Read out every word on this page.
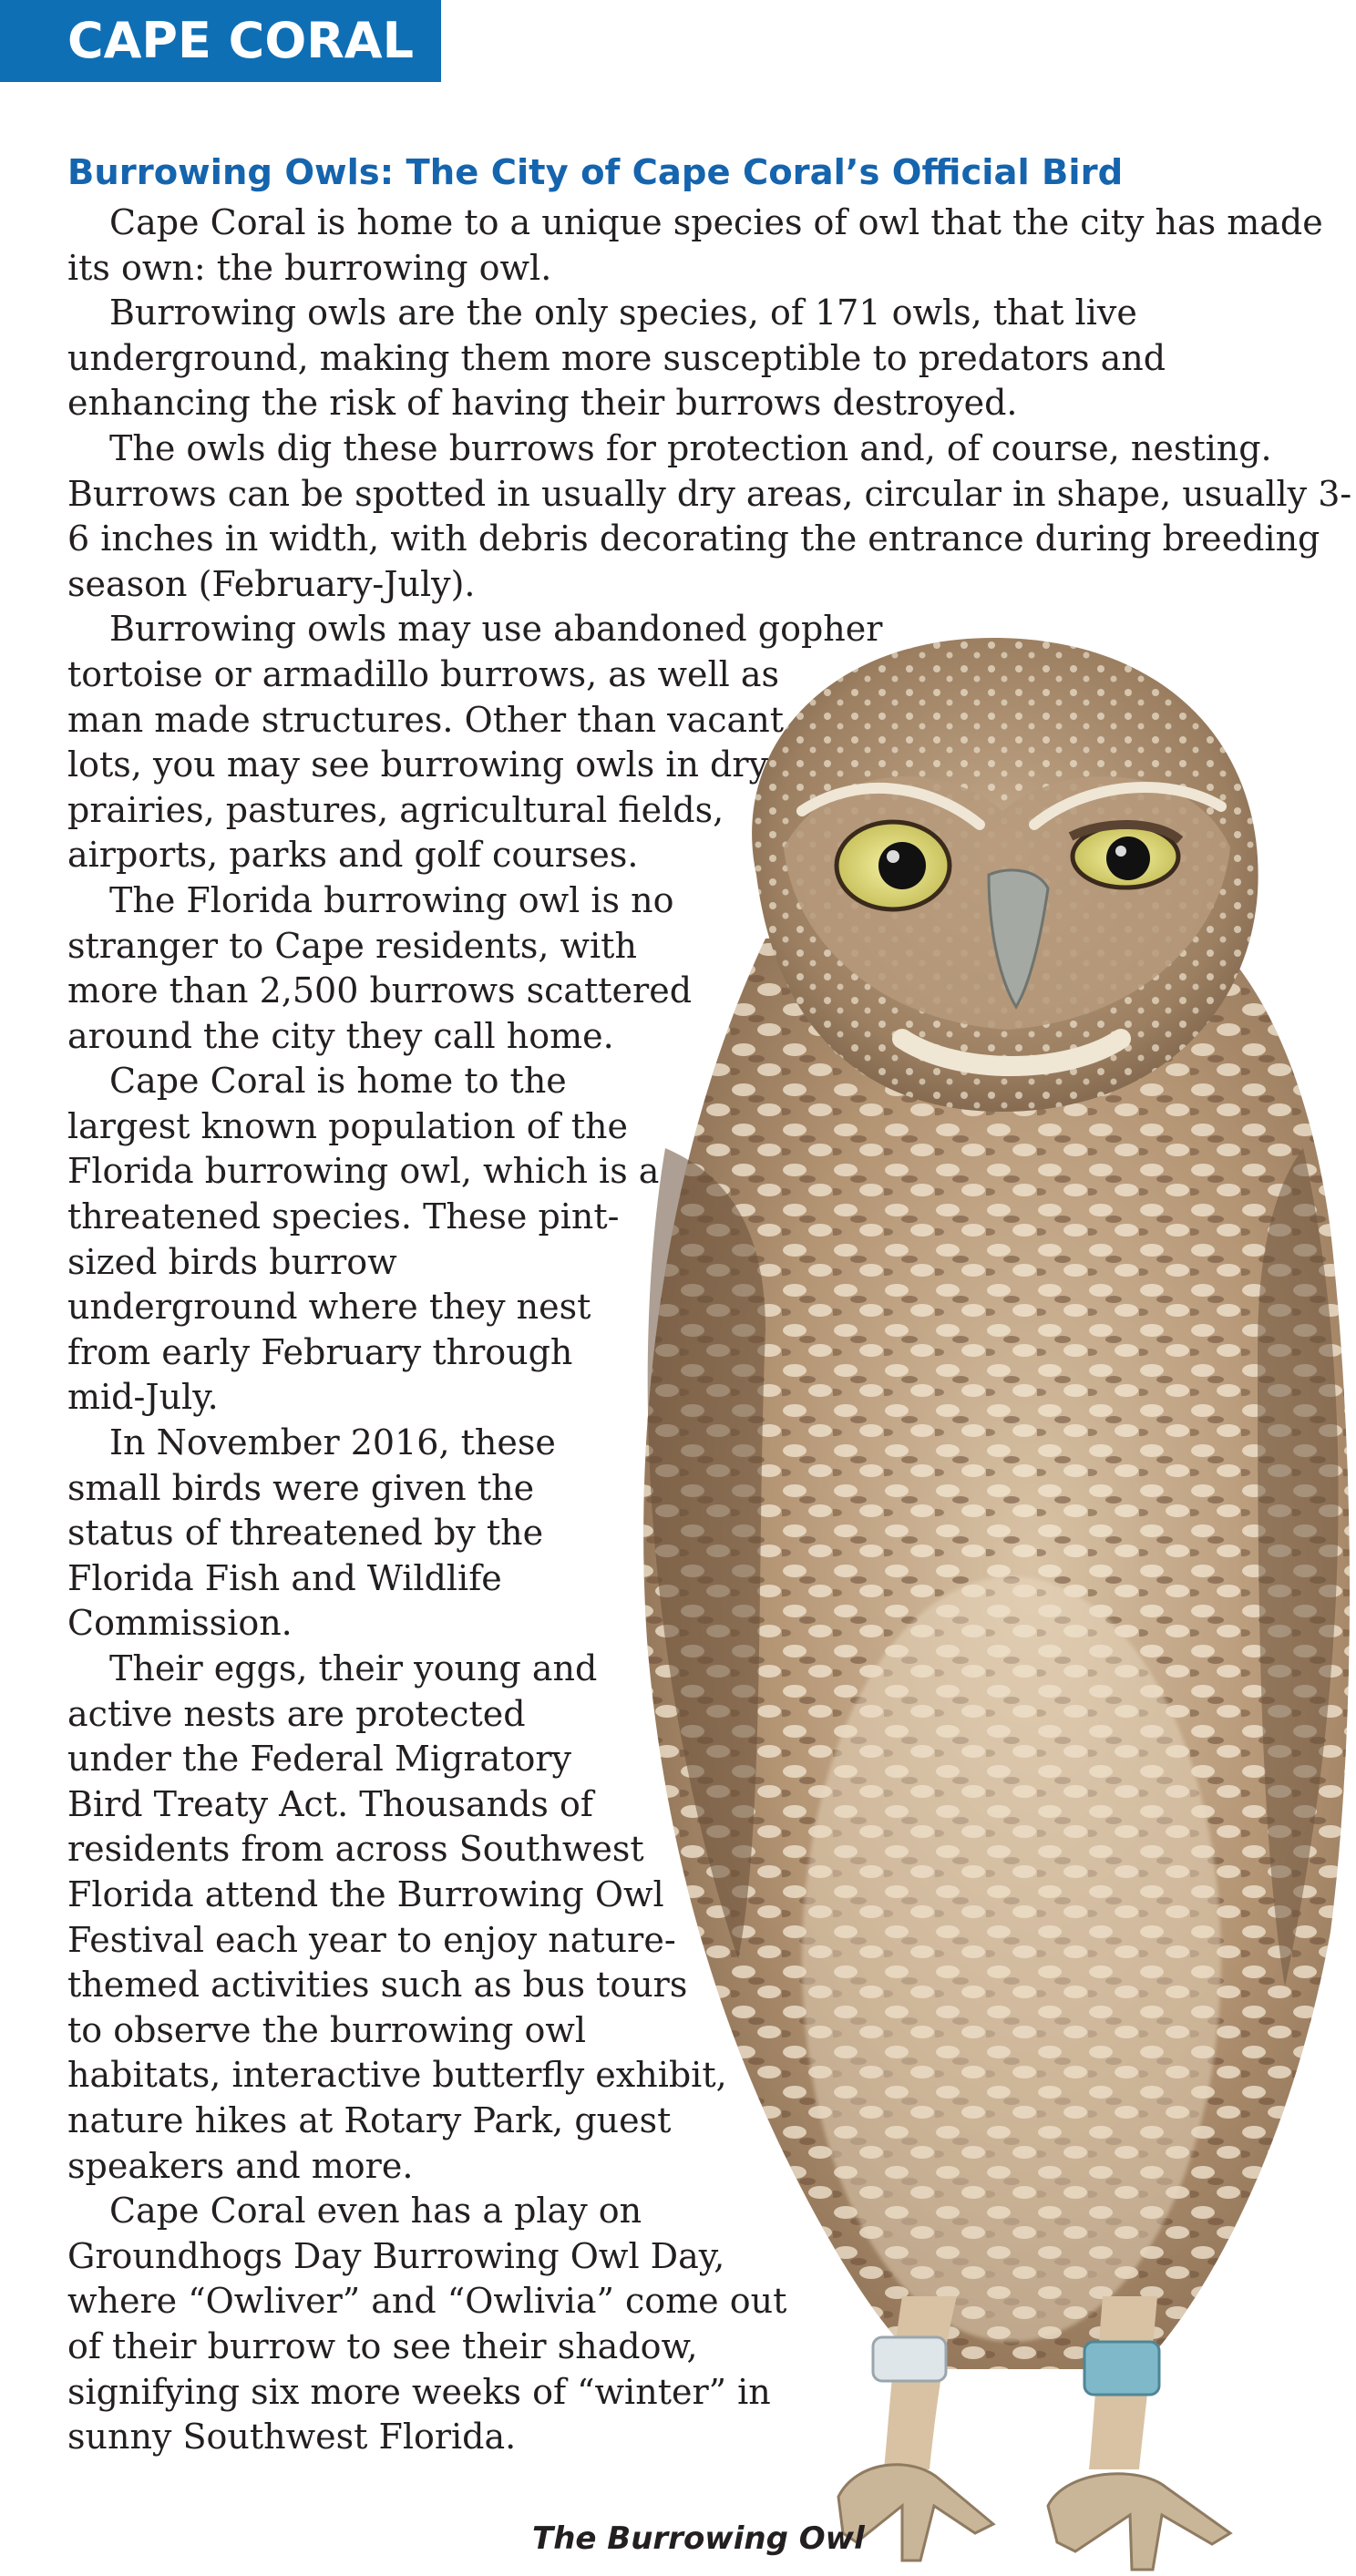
CAPE CORAL
Burrowing Owls: The City of Cape Coral’s Official Bird
Cape Coral is home to a unique species of owl that the city has made
its own: the burrowing owl.
Burrowing owls are the only species, of 171 owls, that live
underground, making them more susceptible to predators and
enhancing the risk of having their burrows destroyed.
The owls dig these burrows for protection and, of course, nesting.
Burrows can be spotted in usually dry areas, circular in shape, usually 3-
6 inches in width, with debris decorating the entrance during breeding
season (February-July).
Burrowing owls may use abandoned gopher
tortoise or armadillo burrows, as well as
man made structures. Other than vacant
lots, you may see burrowing owls in dry
prairies, pastures, agricultural fields,
airports, parks and golf courses.
The Florida burrowing owl is no
stranger to Cape residents, with
more than 2,500 burrows scattered
around the city they call home.
Cape Coral is home to the
largest known population of the
Florida burrowing owl, which is a
threatened species. These pint-
sized birds burrow
underground where they nest
from early February through
mid-July.
In November 2016, these
small birds were given the
status of threatened by the
Florida Fish and Wildlife
Commission.
Their eggs, their young and
active nests are protected
under the Federal Migratory
Bird Treaty Act. Thousands of
residents from across Southwest
Florida attend the Burrowing Owl
Festival each year to enjoy nature-
themed activities such as bus tours
to observe the burrowing owl
habitats, interactive butterfly exhibit,
nature hikes at Rotary Park, guest
speakers and more.
Cape Coral even has a play on
Groundhogs Day Burrowing Owl Day,
where “Owliver” and “Owlivia” come out
of their burrow to see their shadow,
signifying six more weeks of “winter” in
sunny Southwest Florida.
The Burrowing Owl
